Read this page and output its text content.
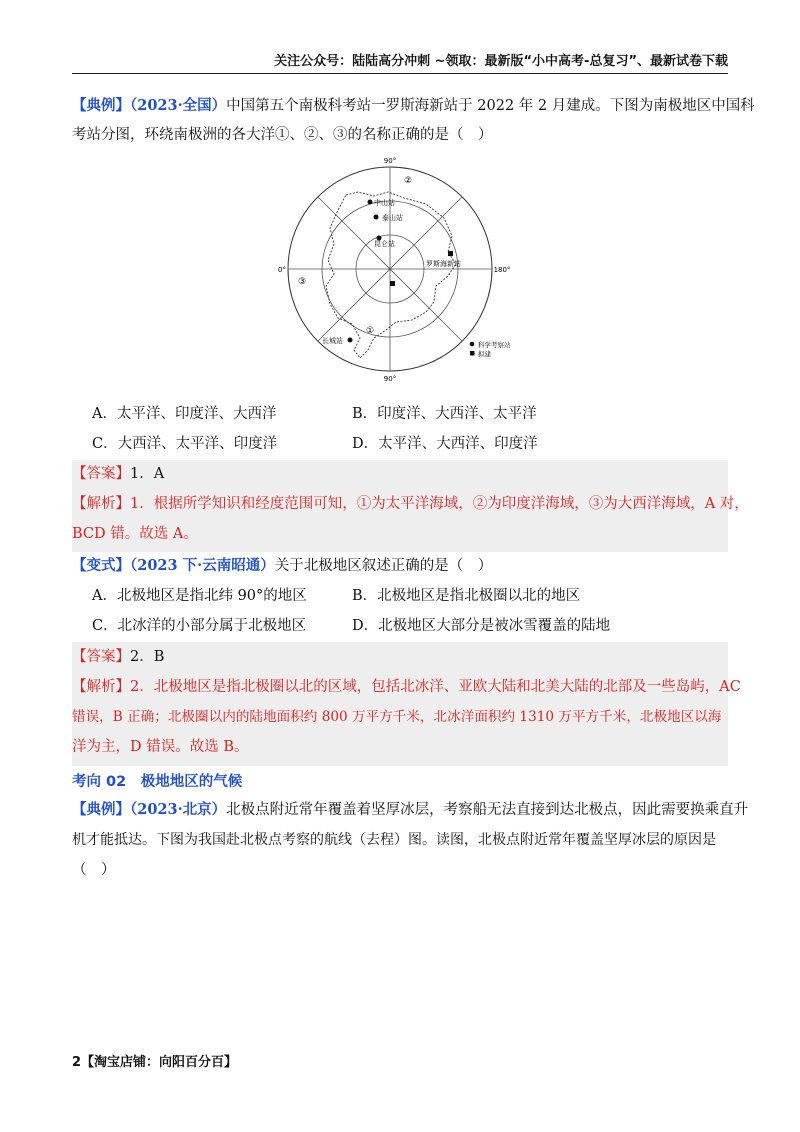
关注公众号：陆陆高分冲刺 ~领取：最新版“小中高考-总复习”、最新试卷下载
【典例】（2023·全国）中国第五个南极科考站一罗斯海新站于 2022 年 2 月建成。下图为南极地区中国科
考站分图，环绕南极洲的各大洋①、②、③的名称正确的是（　）
90°
90°
0°	180°
中山站
泰山站
昆仑站
罗斯海新站
长城站
②
③
①
科学考察站
拟建
A．太平洋、印度洋、大西洋	B．印度洋、大西洋、太平洋
C．大西洋、太平洋、印度洋	D．太平洋、大西洋、印度洋
【答案】1．A
【解析】1．根据所学知识和经度范围可知，①为太平洋海域，②为印度洋海域，③为大西洋海域，A 对，
BCD 错。故选 A。
【变式】（2023 下·云南昭通）关于北极地区叙述正确的是（　）
A．北极地区是指北纬 90°的地区	B．北极地区是指北极圈以北的地区
C．北冰洋的小部分属于北极地区	D．北极地区大部分是被冰雪覆盖的陆地
【答案】2．B
【解析】2．北极地区是指北极圈以北的区域，包括北冰洋、亚欧大陆和北美大陆的北部及一些岛屿，AC
错误，B 正确；北极圈以内的陆地面积约 800 万平方千米，北冰洋面积约 1310 万平方千米，北极地区以海
洋为主，D 错误。故选 B。
考向 02　极地地区的气候
【典例】（2023·北京）北极点附近常年覆盖着坚厚冰层，考察船无法直接到达北极点，因此需要换乘直升
机才能抵达。下图为我国赴北极点考察的航线（去程）图。读图，北极点附近常年覆盖坚厚冰层的原因是
（　）
2【淘宝店铺：向阳百分百】
